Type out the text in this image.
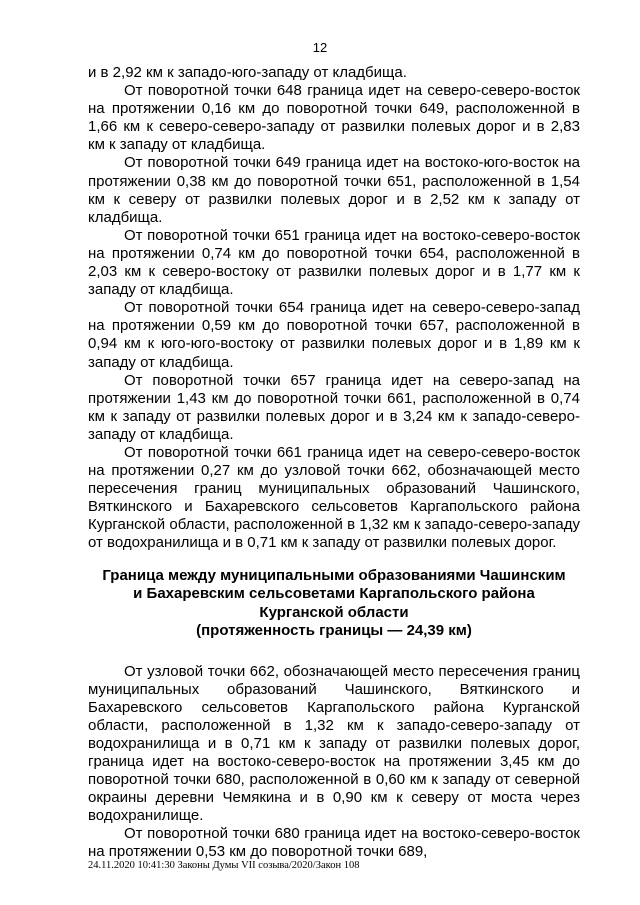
12

и в 2,92 км к западо-юго-западу от кладбища.

От поворотной точки 648 граница идет на северо-северо-восток на протяжении 0,16 км до поворотной точки 649, расположенной в 1,66 км к северо-северо-западу от развилки полевых дорог и в 2,83 км к западу от кладбища.

От поворотной точки 649 граница идет на востоко-юго-восток на протяжении 0,38 км до поворотной точки 651, расположенной в 1,54 км к северу от развилки полевых дорог и в 2,52 км к западу от кладбища.

От поворотной точки 651 граница идет на востоко-северо-восток на протяжении 0,74 км до поворотной точки 654, расположенной в 2,03 км к северо-востоку от развилки полевых дорог и в 1,77 км к западу от кладбища.

От поворотной точки 654 граница идет на северо-северо-запад на протяжении 0,59 км до поворотной точки 657, расположенной в 0,94 км к юго-юго-востоку от развилки полевых дорог и в 1,89 км к западу от кладбища.

От поворотной точки 657 граница идет на северо-запад на протяжении 1,43 км до поворотной точки 661, расположенной в 0,74 км к западу от развилки полевых дорог и в 3,24 км к западо-северо-западу от кладбища.

От поворотной точки 661 граница идет на северо-северо-восток на протяжении 0,27 км до узловой точки 662, обозначающей место пересечения границ муниципальных образований Чашинского, Вяткинского и Бахаревского сельсоветов Каргапольского района Курганской области, расположенной в 1,32 км к западо-северо-западу от водохранилища и в 0,71 км к западу от развилки полевых дорог.

Граница между муниципальными образованиями Чашинским
и Бахаревским сельсоветами Каргапольского района
Курганской области
(протяженность границы — 24,39 км)

От узловой точки 662, обозначающей место пересечения границ муниципальных образований Чашинского, Вяткинского и Бахаревского сельсоветов Каргапольского района Курганской области, расположенной в 1,32 км к западо-северо-западу от водохранилища и в 0,71 км к западу от развилки полевых дорог, граница идет на востоко-северо-восток на протяжении 3,45 км до поворотной точки 680, расположенной в 0,60 км к западу от северной окраины деревни Чемякина и в 0,90 км к северу от моста через водохранилище.

От поворотной точки 680 граница идет на востоко-северо-восток на протяжении 0,53 км до поворотной точки 689,

24.11.2020 10:41:30 Законы Думы VII созыва/2020/Закон 108
